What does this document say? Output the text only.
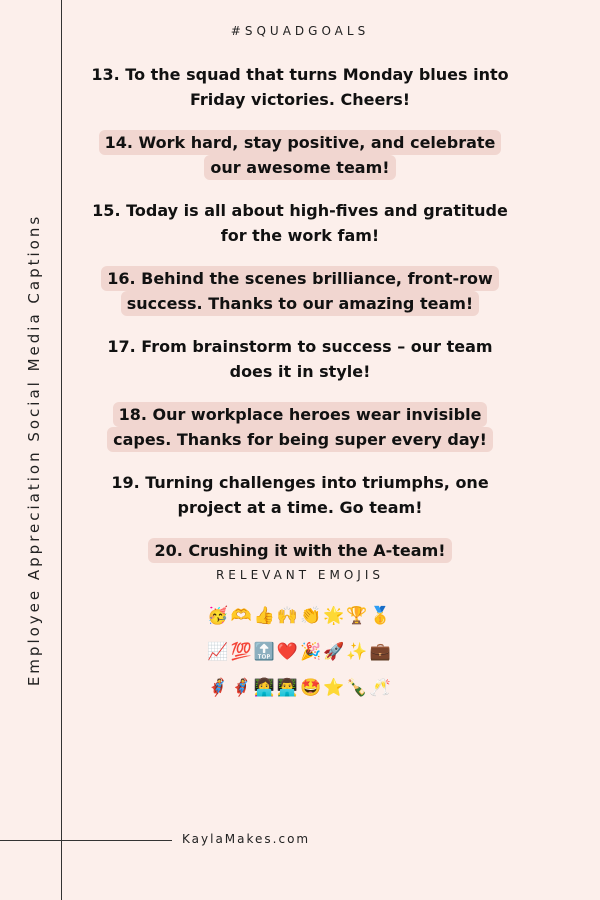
Employee Appreciation Social Media Captions
#SQUADGOALS
13. To the squad that turns Monday blues into Friday victories. Cheers!
14. Work hard, stay positive, and celebrate our awesome team!
15. Today is all about high-fives and gratitude for the work fam!
16. Behind the scenes brilliance, front-row success. Thanks to our amazing team!
17. From brainstorm to success – our team does it in style!
18. Our workplace heroes wear invisible capes. Thanks for being super every day!
19. Turning challenges into triumphs, one project at a time. Go team!
20. Crushing it with the A-team!
RELEVANT EMOJIS
🥳🫶👍🙌👏🌟🏆🥇
📈💯🔝❤️🎉🚀✨💼
🦸🦸‍♀️👩‍💻👨‍💻🤩⭐🍾🥂
KaylaMakes.com
